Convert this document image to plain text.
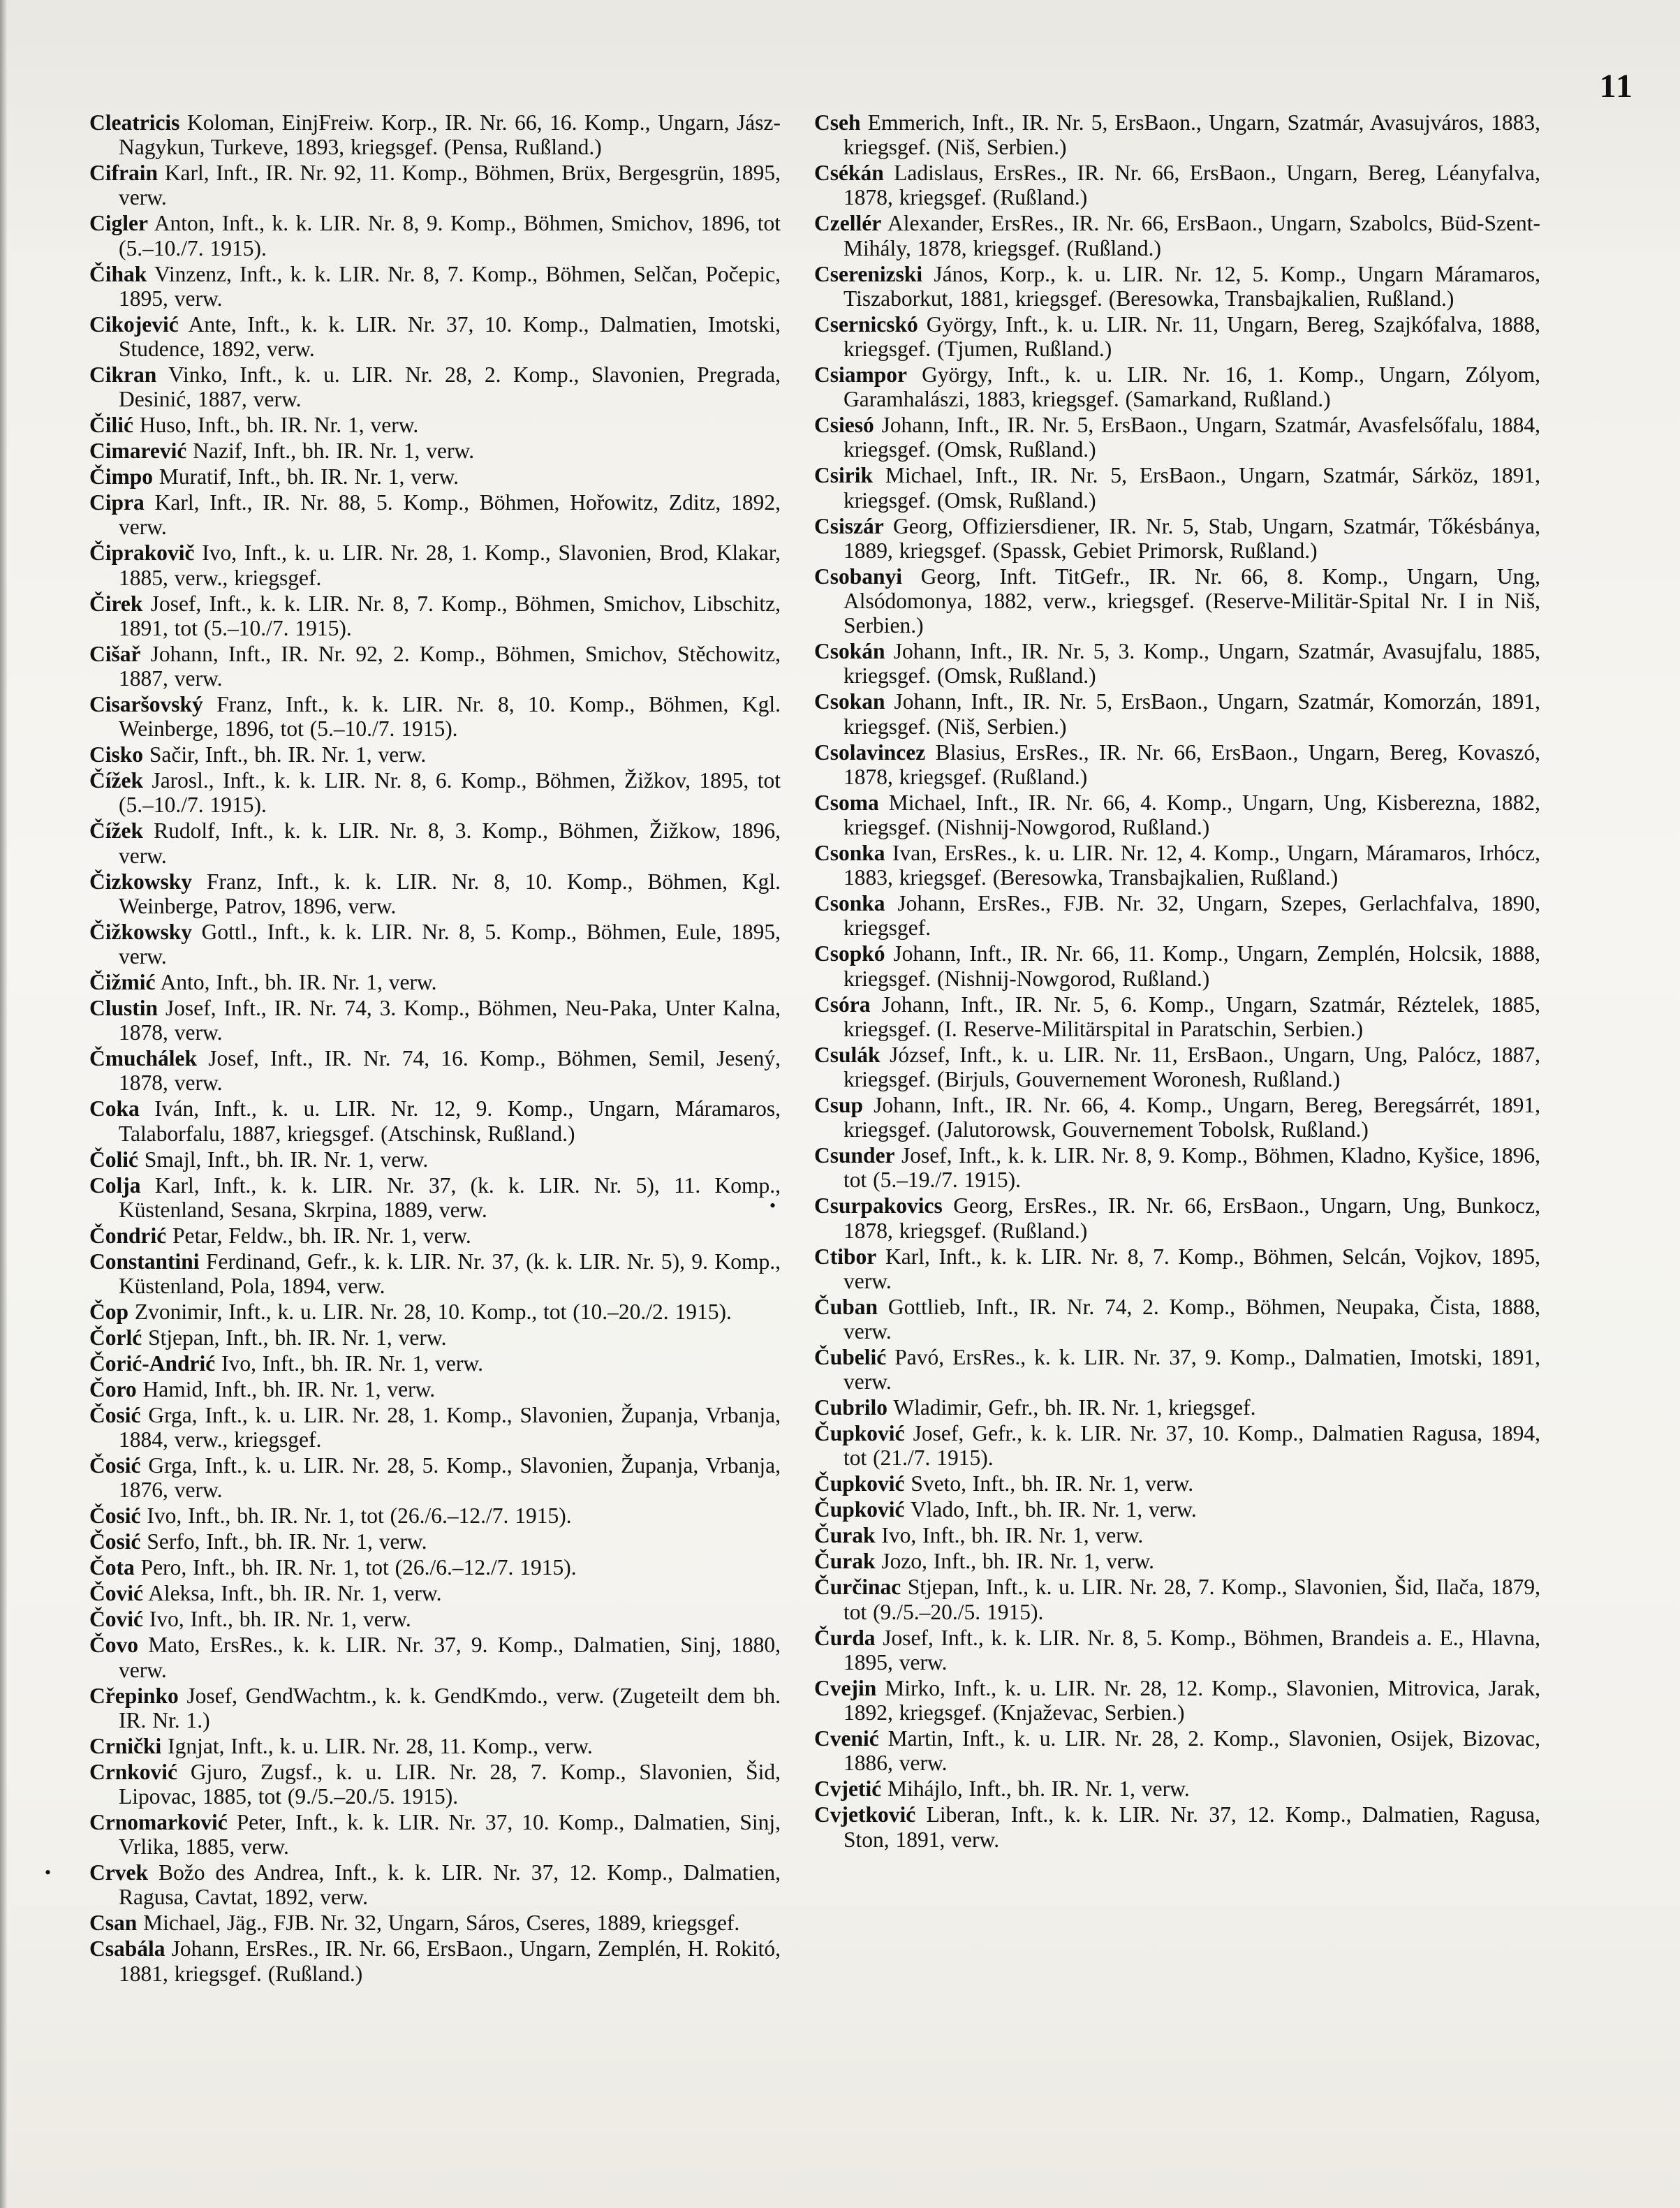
11

Cleatricis Koloman, EinjFreiw. Korp., IR. Nr. 66, 16. Komp., Ungarn, Jász-Nagykun, Turkeve, 1893, kriegsgef. (Pensa, Rußland.)

Cifrain Karl, Inft., IR. Nr. 92, 11. Komp., Böhmen, Brüx, Bergesgrün, 1895, verw.

Cigler Anton, Inft., k. k. LIR. Nr. 8, 9. Komp., Böhmen, Smichov, 1896, tot (5.–10./7. 1915).

Čihak Vinzenz, Inft., k. k. LIR. Nr. 8, 7. Komp., Böhmen, Selčan, Počepic, 1895, verw.

Cikojević Ante, Inft., k. k. LIR. Nr. 37, 10. Komp., Dalmatien, Imotski, Studence, 1892, verw.

Cikran Vinko, Inft., k. u. LIR. Nr. 28, 2. Komp., Slavonien, Pregrada, Desinić, 1887, verw.

Čilić Huso, Inft., bh. IR. Nr. 1, verw.

Cimarević Nazif, Inft., bh. IR. Nr. 1, verw.

Čimpo Muratif, Inft., bh. IR. Nr. 1, verw.

Cipra Karl, Inft., IR. Nr. 88, 5. Komp., Böhmen, Hořowitz, Zditz, 1892, verw.

Čiprakovič Ivo, Inft., k. u. LIR. Nr. 28, 1. Komp., Slavonien, Brod, Klakar, 1885, verw., kriegsgef.

Čirek Josef, Inft., k. k. LIR. Nr. 8, 7. Komp., Böhmen, Smichov, Libschitz, 1891, tot (5.–10./7. 1915).

Cišař Johann, Inft., IR. Nr. 92, 2. Komp., Böhmen, Smichov, Stěchowitz, 1887, verw.

Cisaršovský Franz, Inft., k. k. LIR. Nr. 8, 10. Komp., Böhmen, Kgl. Weinberge, 1896, tot (5.–10./7. 1915).

Cisko Sačir, Inft., bh. IR. Nr. 1, verw.

Čížek Jarosl., Inft., k. k. LIR. Nr. 8, 6. Komp., Böhmen, Žižkov, 1895, tot (5.–10./7. 1915).

Čížek Rudolf, Inft., k. k. LIR. Nr. 8, 3. Komp., Böhmen, Žižkow, 1896, verw.

Čizkowsky Franz, Inft., k. k. LIR. Nr. 8, 10. Komp., Böhmen, Kgl. Weinberge, Patrov, 1896, verw.

Čižkowsky Gottl., Inft., k. k. LIR. Nr. 8, 5. Komp., Böhmen, Eule, 1895, verw.

Čižmić Anto, Inft., bh. IR. Nr. 1, verw.

Clustin Josef, Inft., IR. Nr. 74, 3. Komp., Böhmen, Neu-Paka, Unter Kalna, 1878, verw.

Čmuchálek Josef, Inft., IR. Nr. 74, 16. Komp., Böhmen, Semil, Jesený, 1878, verw.

Coka Iván, Inft., k. u. LIR. Nr. 12, 9. Komp., Ungarn, Máramaros, Talaborfalu, 1887, kriegsgef. (Atschinsk, Rußland.)

Čolić Smajl, Inft., bh. IR. Nr. 1, verw.

Colja Karl, Inft., k. k. LIR. Nr. 37, (k. k. LIR. Nr. 5), 11. Komp., Küstenland, Sesana, Skrpina, 1889, verw.

Čondrić Petar, Feldw., bh. IR. Nr. 1, verw.

Constantini Ferdinand, Gefr., k. k. LIR. Nr. 37, (k. k. LIR. Nr. 5), 9. Komp., Küstenland, Pola, 1894, verw.

Čop Zvonimir, Inft., k. u. LIR. Nr. 28, 10. Komp., tot (10.–20./2. 1915).

Čorlć Stjepan, Inft., bh. IR. Nr. 1, verw.

Čorić-Andrić Ivo, Inft., bh. IR. Nr. 1, verw.

Čoro Hamid, Inft., bh. IR. Nr. 1, verw.

Čosić Grga, Inft., k. u. LIR. Nr. 28, 1. Komp., Slavonien, Županja, Vrbanja, 1884, verw., kriegsgef.

Čosić Grga, Inft., k. u. LIR. Nr. 28, 5. Komp., Slavonien, Županja, Vrbanja, 1876, verw.

Čosić Ivo, Inft., bh. IR. Nr. 1, tot (26./6.–12./7. 1915).

Čosić Serfo, Inft., bh. IR. Nr. 1, verw.

Čota Pero, Inft., bh. IR. Nr. 1, tot (26./6.–12./7. 1915).

Čović Aleksa, Inft., bh. IR. Nr. 1, verw.

Čović Ivo, Inft., bh. IR. Nr. 1, verw.

Čovo Mato, ErsRes., k. k. LIR. Nr. 37, 9. Komp., Dalmatien, Sinj, 1880, verw.

Cřepinko Josef, GendWachtm., k. k. GendKmdo., verw. (Zugeteilt dem bh. IR. Nr. 1.)

Crnički Ignjat, Inft., k. u. LIR. Nr. 28, 11. Komp., verw.

Crnković Gjuro, Zugsf., k. u. LIR. Nr. 28, 7. Komp., Slavonien, Šid, Lipovac, 1885, tot (9./5.–20./5. 1915).

Crnomarković Peter, Inft., k. k. LIR. Nr. 37, 10. Komp., Dalmatien, Sinj, Vrlika, 1885, verw.

•	Crvek Božo des Andrea, Inft., k. k. LIR. Nr. 37, 12. Komp., Dalmatien, Ragusa, Cavtat, 1892, verw.

Csan Michael, Jäg., FJB. Nr. 32, Ungarn, Sáros, Cseres, 1889, kriegsgef.

Csabála Johann, ErsRes., IR. Nr. 66, ErsBaon., Ungarn, Zemplén, H. Rokitó, 1881, kriegsgef. (Rußland.)

Cseh Emmerich, Inft., IR. Nr. 5, ErsBaon., Ungarn, Szatmár, Avasujváros, 1883, kriegsgef. (Niš, Serbien.)

Csékán Ladislaus, ErsRes., IR. Nr. 66, ErsBaon., Ungarn, Bereg, Léanyfalva, 1878, kriegsgef. (Rußland.)

Czellér Alexander, ErsRes., IR. Nr. 66, ErsBaon., Ungarn, Szabolcs, Büd-Szent-Mihály, 1878, kriegsgef. (Rußland.)

Cserenizski János, Korp., k. u. LIR. Nr. 12, 5. Komp., Ungarn Máramaros, Tiszaborkut, 1881, kriegsgef. (Beresowka, Transbajkalien, Rußland.)

Csernicskó György, Inft., k. u. LIR. Nr. 11, Ungarn, Bereg, Szajkófalva, 1888, kriegsgef. (Tjumen, Rußland.)

Csiampor György, Inft., k. u. LIR. Nr. 16, 1. Komp., Ungarn, Zólyom, Garamhalászi, 1883, kriegsgef. (Samarkand, Rußland.)

Csiesó Johann, Inft., IR. Nr. 5, ErsBaon., Ungarn, Szatmár, Avasfelsőfalu, 1884, kriegsgef. (Omsk, Rußland.)

Csirik Michael, Inft., IR. Nr. 5, ErsBaon., Ungarn, Szatmár, Sárköz, 1891, kriegsgef. (Omsk, Rußland.)

Csiszár Georg, Offiziersdiener, IR. Nr. 5, Stab, Ungarn, Szatmár, Tőkésbánya, 1889, kriegsgef. (Spassk, Gebiet Primorsk, Rußland.)

Csobanyi Georg, Inft. TitGefr., IR. Nr. 66, 8. Komp., Ungarn, Ung, Alsódomonya, 1882, verw., kriegsgef. (Reserve-Militär-Spital Nr. I in Niš, Serbien.)

Csokán Johann, Inft., IR. Nr. 5, 3. Komp., Ungarn, Szatmár, Avasujfalu, 1885, kriegsgef. (Omsk, Rußland.)

Csokan Johann, Inft., IR. Nr. 5, ErsBaon., Ungarn, Szatmár, Komorzán, 1891, kriegsgef. (Niš, Serbien.)

Csolavincez Blasius, ErsRes., IR. Nr. 66, ErsBaon., Ungarn, Bereg, Kovaszó, 1878, kriegsgef. (Rußland.)

Csoma Michael, Inft., IR. Nr. 66, 4. Komp., Ungarn, Ung, Kisberezna, 1882, kriegsgef. (Nishnij-Nowgorod, Rußland.)

Csonka Ivan, ErsRes., k. u. LIR. Nr. 12, 4. Komp., Ungarn, Máramaros, Irhócz, 1883, kriegsgef. (Beresowka, Transbajkalien, Rußland.)

Csonka Johann, ErsRes., FJB. Nr. 32, Ungarn, Szepes, Gerlachfalva, 1890, kriegsgef.

Csopkó Johann, Inft., IR. Nr. 66, 11. Komp., Ungarn, Zemplén, Holcsik, 1888, kriegsgef. (Nishnij-Nowgorod, Rußland.)

Csóra Johann, Inft., IR. Nr. 5, 6. Komp., Ungarn, Szatmár, Réztelek, 1885, kriegsgef. (I. Reserve-Militärspital in Paratschin, Serbien.)

Csulák József, Inft., k. u. LIR. Nr. 11, ErsBaon., Ungarn, Ung, Palócz, 1887, kriegsgef. (Birjuls, Gouvernement Woronesh, Rußland.)

Csup Johann, Inft., IR. Nr. 66, 4. Komp., Ungarn, Bereg, Beregsárrét, 1891, kriegsgef. (Jalutorowsk, Gouvernement Tobolsk, Rußland.)

Csunder Josef, Inft., k. k. LIR. Nr. 8, 9. Komp., Böhmen, Kladno, Kyšice, 1896, tot (5.–19./7. 1915).

•	Csurpakovics Georg, ErsRes., IR. Nr. 66, ErsBaon., Ungarn, Ung, Bunkocz, 1878, kriegsgef. (Rußland.)

Ctibor Karl, Inft., k. k. LIR. Nr. 8, 7. Komp., Böhmen, Selcán, Vojkov, 1895, verw.

Čuban Gottlieb, Inft., IR. Nr. 74, 2. Komp., Böhmen, Neupaka, Čista, 1888, verw.

Čubelić Pavó, ErsRes., k. k. LIR. Nr. 37, 9. Komp., Dalmatien, Imotski, 1891, verw.

Cubrilo Wladimir, Gefr., bh. IR. Nr. 1, kriegsgef.

Čupković Josef, Gefr., k. k. LIR. Nr. 37, 10. Komp., Dalmatien Ragusa, 1894, tot (21./7. 1915).

Čupković Sveto, Inft., bh. IR. Nr. 1, verw.

Čupković Vlado, Inft., bh. IR. Nr. 1, verw.

Čurak Ivo, Inft., bh. IR. Nr. 1, verw.

Čurak Jozo, Inft., bh. IR. Nr. 1, verw.

Čurčinac Stjepan, Inft., k. u. LIR. Nr. 28, 7. Komp., Slavonien, Šid, Ilača, 1879, tot (9./5.–20./5. 1915).

Čurda Josef, Inft., k. k. LIR. Nr. 8, 5. Komp., Böhmen, Brandeis a. E., Hlavna, 1895, verw.

Cvejin Mirko, Inft., k. u. LIR. Nr. 28, 12. Komp., Slavonien, Mitrovica, Jarak, 1892, kriegsgef. (Knjaževac, Serbien.)

Cvenić Martin, Inft., k. u. LIR. Nr. 28, 2. Komp., Slavonien, Osijek, Bizovac, 1886, verw.

Cvjetić Mihájlo, Inft., bh. IR. Nr. 1, verw.

Cvjetković Liberan, Inft., k. k. LIR. Nr. 37, 12. Komp., Dalmatien, Ragusa, Ston, 1891, verw.
